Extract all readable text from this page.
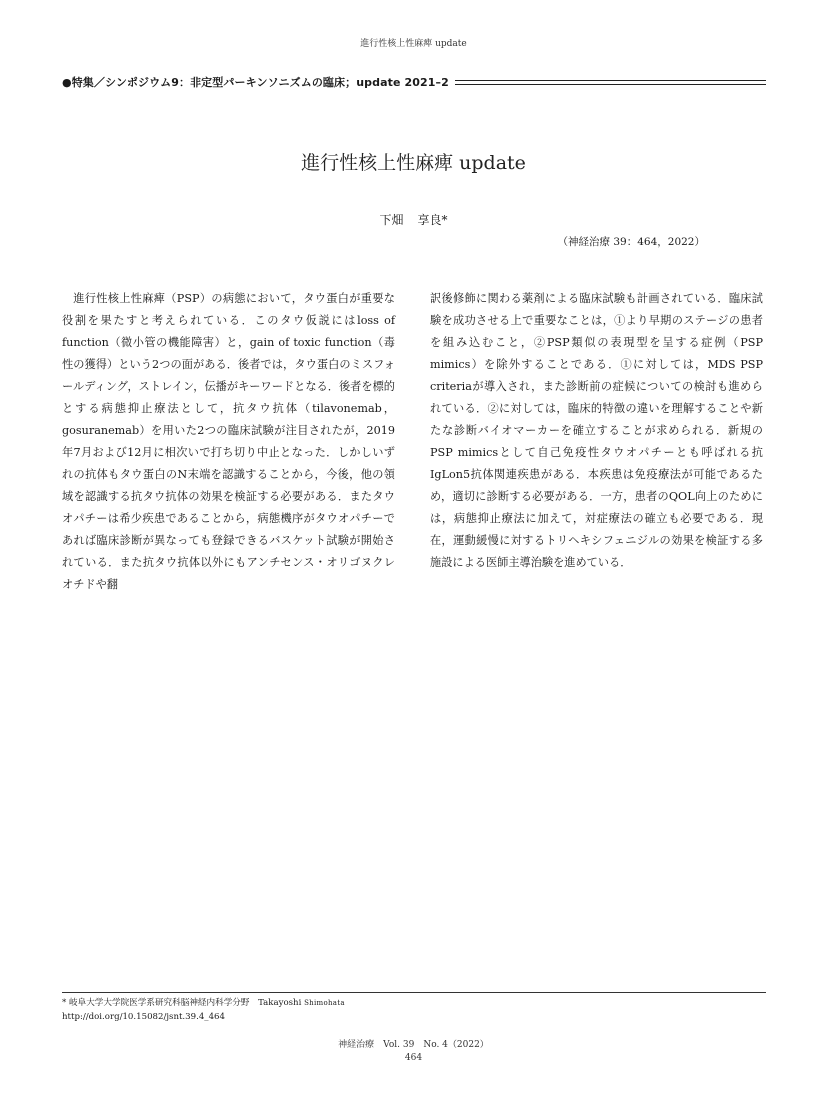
進行性核上性麻痺 update
●特集／シンポジウム9：非定型パーキンソニズムの臨床；update 2021–2
進行性核上性麻痺 update
下畑 享良*
（神経治療 39：464，2022）

進行性核上性麻痺（PSP）の病態において，タウ蛋白が重要な役割を果たすと考えられている．このタウ仮説にはloss of function（微小管の機能障害）と，gain of toxic function（毒性の獲得）という2つの面がある．後者では，タウ蛋白のミスフォールディング，ストレイン，伝播がキーワードとなる．後者を標的とする病態抑止療法として，抗タウ抗体（tilavonemab，gosuranemab）を用いた2つの臨床試験が注目されたが，2019年7月および12月に相次いで打ち切り中止となった．しかしいずれの抗体もタウ蛋白のN末端を認識することから，今後，他の領域を認識する抗タウ抗体の効果を検証する必要がある．またタウオパチーは希少疾患であることから，病態機序がタウオパチーであれば臨床診断が異なっても登録できるバスケット試験が開始されている．また抗タウ抗体以外にもアンチセンス・オリゴヌクレオチドや翻

訳後修飾に関わる薬剤による臨床試験も計画されている．臨床試験を成功させる上で重要なことは，①より早期のステージの患者を組み込むこと，②PSP類似の表現型を呈する症例（PSP mimics）を除外することである．①に対しては，MDS PSP criteriaが導入され，また診断前の症候についての検討も進められている．②に対しては，臨床的特徴の違いを理解することや新たな診断バイオマーカーを確立することが求められる．新規のPSP mimicsとして自己免疫性タウオパチーとも呼ばれる抗IgLon5抗体関連疾患がある．本疾患は免疫療法が可能であるため，適切に診断する必要がある．一方，患者のQOL向上のためには，病態抑止療法に加えて，対症療法の確立も必要である．現在，運動緩慢に対するトリヘキシフェニジルの効果を検証する多施設による医師主導治験を進めている．

* 岐阜大学大学院医学系研究科脳神経内科学分野　Takayoshi Shimohata
http://doi.org/10.15082/jsnt.39.4_464
神経治療　Vol. 39　No. 4（2022）
464
